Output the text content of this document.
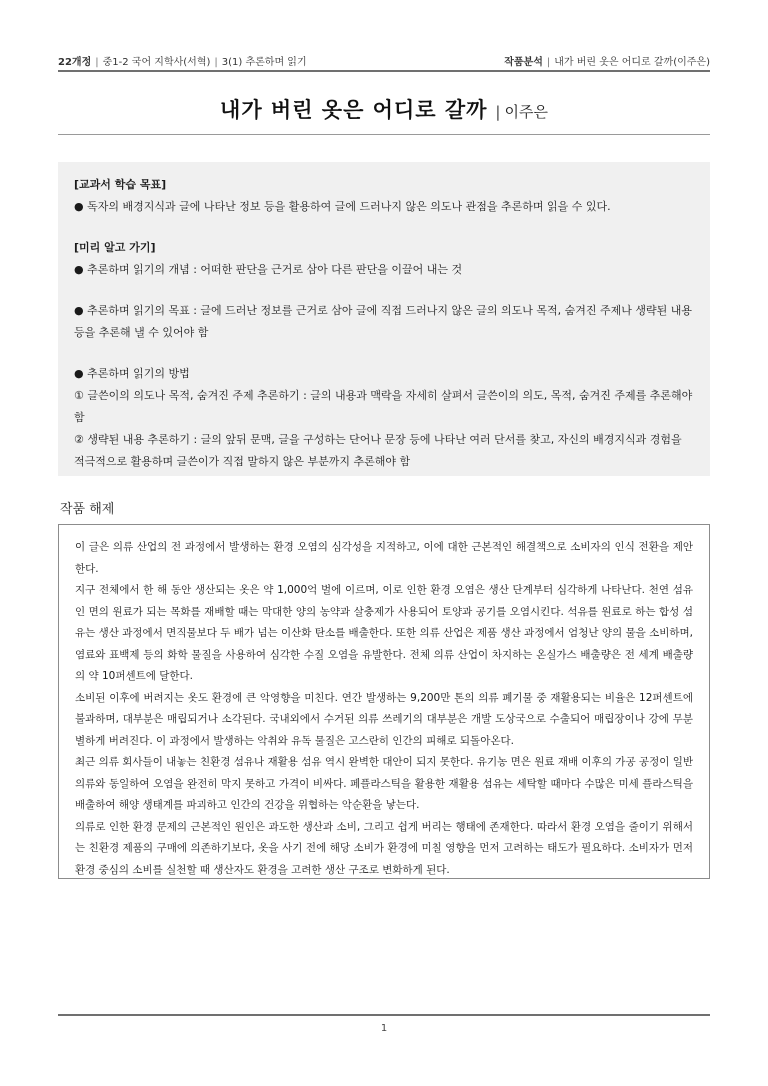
22개정 | 중1-2 국어 지학사(서혁) | 3(1) 추론하며 읽기	작품분석 | 내가 버린 옷은 어디로 갈까(이주은)
내가 버린 옷은 어디로 갈까 | 이주은

[교과서 학습 목표]

● 독자의 배경지식과 글에 나타난 정보 등을 활용하여 글에 드러나지 않은 의도나 관점을 추론하며 읽을 수 있다.

[미리 알고 가기]

● 추론하며 읽기의 개념 : 어떠한 판단을 근거로 삼아 다른 판단을 이끌어 내는 것

● 추론하며 읽기의 목표 : 글에 드러난 정보를 근거로 삼아 글에 직접 드러나지 않은 글의 의도나 목적, 숨겨진 주제나 생략된 내용 등을 추론해 낼 수 있어야 함

● 추론하며 읽기의 방법

① 글쓴이의 의도나 목적, 숨겨진 주제 추론하기 : 글의 내용과 맥락을 자세히 살펴서 글쓴이의 의도, 목적, 숨겨진 주제를 추론해야 함

② 생략된 내용 추론하기 : 글의 앞뒤 문맥, 글을 구성하는 단어나 문장 등에 나타난 여러 단서를 찾고, 자신의 배경지식과 경험을 적극적으로 활용하며 글쓴이가 직접 말하지 않은 부분까지 추론해야 함

작품 해제

이 글은 의류 산업의 전 과정에서 발생하는 환경 오염의 심각성을 지적하고, 이에 대한 근본적인 해결책으로 소비자의 인식 전환을 제안한다.

지구 전체에서 한 해 동안 생산되는 옷은 약 1,000억 벌에 이르며, 이로 인한 환경 오염은 생산 단계부터 심각하게 나타난다. 천연 섬유인 면의 원료가 되는 목화를 재배할 때는 막대한 양의 농약과 살충제가 사용되어 토양과 공기를 오염시킨다. 석유를 원료로 하는 합성 섬유는 생산 과정에서 면직물보다 두 배가 넘는 이산화 탄소를 배출한다. 또한 의류 산업은 제품 생산 과정에서 엄청난 양의 물을 소비하며, 염료와 표백제 등의 화학 물질을 사용하여 심각한 수질 오염을 유발한다. 전체 의류 산업이 차지하는 온실가스 배출량은 전 세계 배출량의 약 10퍼센트에 달한다.

소비된 이후에 버려지는 옷도 환경에 큰 악영향을 미친다. 연간 발생하는 9,200만 톤의 의류 폐기물 중 재활용되는 비율은 12퍼센트에 불과하며, 대부분은 매립되거나 소각된다. 국내외에서 수거된 의류 쓰레기의 대부분은 개발 도상국으로 수출되어 매립장이나 강에 무분별하게 버려진다. 이 과정에서 발생하는 악취와 유독 물질은 고스란히 인간의 피해로 되돌아온다.

최근 의류 회사들이 내놓는 친환경 섬유나 재활용 섬유 역시 완벽한 대안이 되지 못한다. 유기농 면은 원료 재배 이후의 가공 공정이 일반 의류와 동일하여 오염을 완전히 막지 못하고 가격이 비싸다. 페플라스틱을 활용한 재활용 섬유는 세탁할 때마다 수많은 미세 플라스틱을 배출하여 해양 생태계를 파괴하고 인간의 건강을 위협하는 악순환을 낳는다.

의류로 인한 환경 문제의 근본적인 원인은 과도한 생산과 소비, 그리고 쉽게 버리는 행태에 존재한다. 따라서 환경 오염을 줄이기 위해서는 친환경 제품의 구매에 의존하기보다, 옷을 사기 전에 해당 소비가 환경에 미칠 영향을 먼저 고려하는 태도가 필요하다. 소비자가 먼저 환경 중심의 소비를 실천할 때 생산자도 환경을 고려한 생산 구조로 변화하게 된다.

1
